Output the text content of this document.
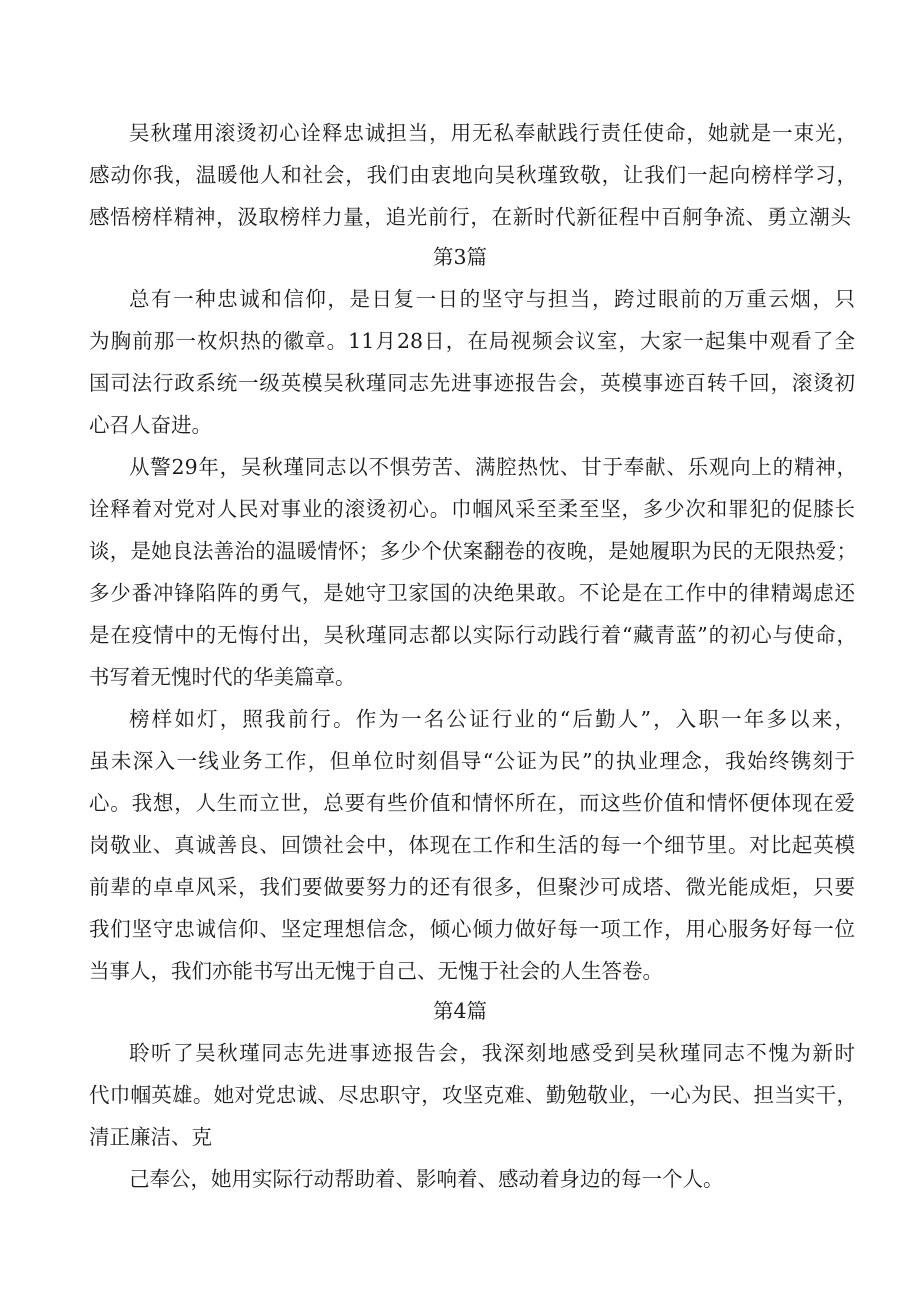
吴秋瑾用滚烫初心诠释忠诚担当，用无私奉献践行责任使命，她就是一束光，
感动你我，温暖他人和社会，我们由衷地向吴秋瑾致敬，让我们一起向榜样学习，
感悟榜样精神，汲取榜样力量，追光前行，在新时代新征程中百舸争流、勇立潮头
第3篇
总有一种忠诚和信仰，是日复一日的坚守与担当，跨过眼前的万重云烟，只
为胸前那一枚炽热的徽章。11月28日，在局视频会议室，大家一起集中观看了全
国司法行政系统一级英模吴秋瑾同志先进事迹报告会，英模事迹百转千回，滚烫初
心召人奋进。
从警29年，吴秋瑾同志以不惧劳苦、满腔热忱、甘于奉献、乐观向上的精神，
诠释着对党对人民对事业的滚烫初心。巾帼风采至柔至坚，多少次和罪犯的促膝长
谈，是她良法善治的温暖情怀；多少个伏案翻卷的夜晚，是她履职为民的无限热爱；
多少番冲锋陷阵的勇气，是她守卫家国的决绝果敢。不论是在工作中的律精竭虑还
是在疫情中的无悔付出，吴秋瑾同志都以实际行动践行着“藏青蓝”的初心与使命，
书写着无愧时代的华美篇章。
榜样如灯，照我前行。作为一名公证行业的“后勤人”，入职一年多以来，
虽未深入一线业务工作，但单位时刻倡导“公证为民”的执业理念，我始终镌刻于
心。我想，人生而立世，总要有些价值和情怀所在，而这些价值和情怀便体现在爱
岗敬业、真诚善良、回馈社会中，体现在工作和生活的每一个细节里。对比起英模
前辈的卓卓风采，我们要做要努力的还有很多，但聚沙可成塔、微光能成炬，只要
我们坚守忠诚信仰、坚定理想信念，倾心倾力做好每一项工作，用心服务好每一位
当事人，我们亦能书写出无愧于自己、无愧于社会的人生答卷。
第4篇
聆听了吴秋瑾同志先进事迹报告会，我深刻地感受到吴秋瑾同志不愧为新时
代巾帼英雄。她对党忠诚、尽忠职守，攻坚克难、勤勉敬业，一心为民、担当实干，
清正廉洁、克
己奉公，她用实际行动帮助着、影响着、感动着身边的每一个人。
